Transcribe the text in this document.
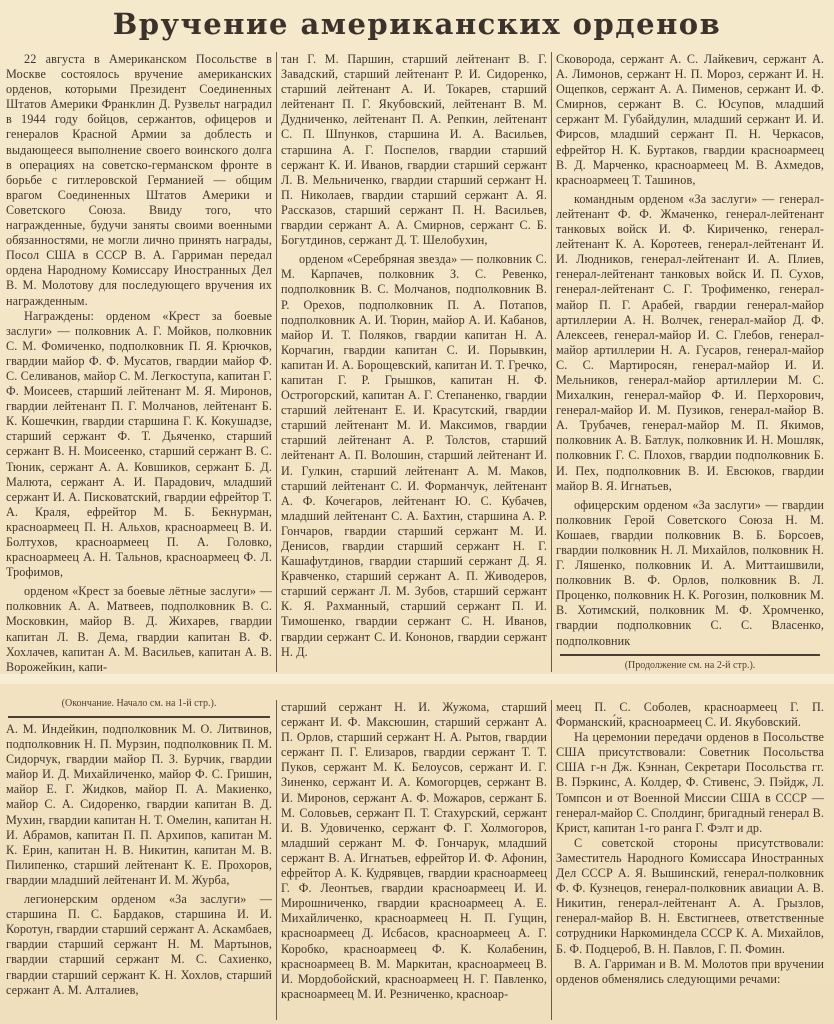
Вручение американских орденов

22 августа в Американском Посольстве в Москве состоялось вручение американских орденов, которыми Президент Соединенных Штатов Америки Франклин Д. Рузвельт наградил в 1944 году бойцов, сержантов, офицеров и генералов Красной Армии за доблесть и выдающееся выполнение своего воинского долга в операциях на советско-германском фронте в борьбе с гитлеровской Германией — общим врагом Соединенных Штатов Америки и Советского Союза. Ввиду того, что награжденные, будучи заняты своими военными обязанностями, не могли лично принять награды, Посол США в СССР В. А. Гарриман передал ордена Народному Комиссару Иностранных Дел В. М. Молотову для последующего вручения их награжденным.

Награждены: орденом «Крест за боевые заслуги» — полковник А. Г. Мойков, полковник С. М. Фомиченко, подполковник П. Я. Крючков, гвардии майор Ф. Ф. Мусатов, гвардии майор Ф. С. Селиванов, майор С. М. Легкоступа, капитан Г. Ф. Моисеев, старший лейтенант М. Я. Миронов, гвардии лейтенант П. Г. Молчанов, лейтенант Б. К. Кошечкин, гвардии старшина Г. К. Кокушадзе, старший сержант Ф. Т. Дьяченко, старший сержант В. Н. Моисеенко, старший сержант В. С. Тюник, сержант А. А. Ковшиков, сержант Б. Д. Малюта, сержант А. И. Парадович, младший сержант И. А. Писковатский, гвардии ефрейтор Т. А. Краля, ефрейтор М. Б. Бекнурман, красноармеец П. Н. Альхов, красноармеец В. И. Болтухов, красноармеец П. А. Головко, красноармеец А. Н. Тальнов, красноармеец Ф. Л. Трофимов,

орденом «Крест за боевые лётные заслуги» — полковник А. А. Матвеев, подполковник В. С. Московкин, майор В. Д. Жихарев, гвардии капитан Л. В. Дема, гвардии капитан В. Ф. Хохлачев, капитан А. М. Васильев, капитан А. В. Ворожейкин, капи-

тан Г. М. Паршин, старший лейтенант В. Г. Завадский, старший лейтенант Р. И. Сидоренко, старший лейтенант А. И. Токарев, старший лейтенант П. Г. Якубовский, лейтенант В. М. Дудниченко, лейтенант П. А. Репкин, лейтенант С. П. Шпунков, старшина И. А. Васильев, старшина А. Г. Поспелов, гвардии старший сержант К. И. Иванов, гвардии старший сержант Л. В. Мельниченко, гвардии старший сержант Н. П. Николаев, гвардии старший сержант А. Я. Рассказов, старший сержант П. Н. Васильев, гвардии сержант А. А. Смирнов, сержант С. Б. Богутдинов, сержант Д. Т. Шелобухин,

орденом «Серебряная звезда» — полковник С. М. Карпачев, полковник З. С. Ревенко, подполковник В. С. Молчанов, подполковник В. Р. Орехов, подполковник П. А. Потапов, подполковник А. И. Тюрин, майор А. И. Кабанов, майор И. Т. Поляков, гвардии капитан Н. А. Корчагин, гвардии капитан С. И. Порывкин, капитан И. А. Борощевский, капитан И. Т. Гречко, капитан Г. Р. Грышков, капитан Н. Ф. Острогорский, капитан А. Г. Степаненко, гвардии старший лейтенант Е. И. Красутский, гвардии старший лейтенант М. И. Максимов, гвардии старший лейтенант А. Р. Толстов, старший лейтенант А. П. Волошин, старший лейтенант И. И. Гулкин, старший лейтенант А. М. Маков, старший лейтенант С. И. Форманчук, лейтенант А. Ф. Кочегаров, лейтенант Ю. С. Кубачев, младший лейтенант С. А. Бахтин, старшина А. Р. Гончаров, гвардии старший сержант М. И. Денисов, гвардии старший сержант Н. Г. Кашафутдинов, гвардии старший сержант Д. Я. Кравченко, старший сержант А. П. Живодеров, старший сержант Л. М. Зубов, старший сержант К. Я. Рахманный, старший сержант П. И. Тимошенко, гвардии сержант С. Н. Иванов, гвардии сержант С. И. Кононов, гвардии сержант Н. Д.

Сковорода, сержант А. С. Лайкевич, сержант А. А. Лимонов, сержант Н. П. Мороз, сержант И. Н. Ощепков, сержант А. А. Пименов, сержант И. Ф. Смирнов, сержант В. С. Юсупов, младший сержант М. Губайдулин, младший сержант И. И. Фирсов, младший сержант П. Н. Черкасов, ефрейтор Н. К. Буртаков, гвардии красноармеец В. Д. Марченко, красноармеец М. В. Ахмедов, красноармеец Т. Ташинов,

командным орденом «За заслуги» — генерал-лейтенант Ф. Ф. Жмаченко, генерал-лейтенант танковых войск И. Ф. Кириченко, генерал-лейтенант К. А. Коротеев, генерал-лейтенант И. И. Людников, генерал-лейтенант И. А. Плиев, генерал-лейтенант танковых войск И. П. Сухов, генерал-лейтенант С. Г. Трофименко, генерал-майор П. Г. Арабей, гвардии генерал-майор артиллерии А. Н. Волчек, генерал-майор Д. Ф. Алексеев, генерал-майор И. С. Глебов, генерал-майор артиллерии Н. А. Гусаров, генерал-майор С. С. Мартиросян, генерал-майор И. И. Мельников, генерал-майор артиллерии М. С. Михалкин, генерал-майор Ф. И. Перхорович, генерал-майор И. М. Пузиков, генерал-майор В. А. Трубачев, генерал-майор М. П. Якимов, полковник А. В. Батлук, полковник И. Н. Мошляк, полковник Г. С. Плохов, гвардии подполковник Б. И. Пех, подполковник В. И. Евсюков, гвардии майор В. Я. Игнатьев,

офицерским орденом «За заслуги» — гвардии полковник Герой Советского Союза Н. М. Кошаев, гвардии полковник В. Б. Борсоев, гвардии полковник Н. Л. Михайлов, полковник Н. Г. Ляшенко, полковник И. А. Миттаишвили, полковник В. Ф. Орлов, полковник В. Л. Проценко, полковник Н. К. Рогозин, полковник М. В. Хотимский, полковник М. Ф. Хромченко, гвардии подполковник С. С. Власенко, подполковник

(Продолжение см. на 2-й стр.).
(Окончание. Начало см. на 1-й стр.).

А. М. Индейкин, подполковник М. О. Литвинов, подполковник Н. П. Мурзин, подполковник П. М. Сидорчук, гвардии майор П. З. Бурчик, гвардии майор И. Д. Михайличенко, майор Ф. С. Гришин, майор Е. Г. Жидков, майор П. А. Макиенко, майор С. А. Сидоренко, гвардии капитан В. Д. Мухин, гвардии капитан Н. Т. Омелин, капитан Н. И. Абрамов, капитан П. П. Архипов, капитан М. К. Ерин, капитан Н. В. Никитин, капитан М. В. Пилипенко, старший лейтенант К. Е. Прохоров, гвардии младший лейтенант И. М. Журба,

легионерским орденом «За заслуги» — старшина П. С. Бардаков, старшина И. И. Коротун, гвардии старший сержант А. Аскамбаев, гвардии старший сержант Н. М. Мартынов, гвардии старший сержант М. С. Сахиенко, гвардии старший сержант К. Н. Хохлов, старший сержант А. М. Алталиев,

старший сержант Н. И. Жужома, старший сержант И. Ф. Максюшин, старший сержант А. П. Орлов, старший сержант Н. А. Рытов, гвардии сержант П. Г. Елизаров, гвардии сержант Т. Т. Пуков, сержант М. К. Белоусов, сержант И. Г. Зиненко, сержант И. А. Комогорцев, сержант В. И. Миронов, сержант А. Ф. Можаров, сержант Б. М. Соловьев, сержант П. Т. Стахурский, сержант И. В. Удовиченко, сержант Ф. Г. Холмогоров, младший сержант М. Ф. Гончарук, младший сержант В. А. Игнатьев, ефрейтор И. Ф. Афонин, ефрейтор А. К. Кудрявцев, гвардии красноармеец Г. Ф. Леонтьев, гвардии красноармеец И. И. Мирошниченко, гвардии красноармеец А. Е. Михайличенко, красноармеец Н. П. Гущин, красноармеец Д. Исбасов, красноармеец А. Г. Коробко, красноармеец Ф. К. Колабенин, красноармеец В. М. Маркитан, красноармеец В. И. Мордобойский, красноармеец Н. Г. Павленко, красноармеец М. И. Резниченко, красноар-

меец П. С. Соболев, красноармеец Г. П. Формански́й, красноармеец С. И. Якубовский.

На церемонии передачи орденов в Посольстве США присутствовали: Советник Посольства США г-н Дж. Кэннан, Секретари Посольства гг. В. Пэркинс, А. Колдер, Ф. Стивенс, Э. Пэйдж, Л. Томпсон и от Военной Миссии США в СССР — генерал-майор С. Сполдинг, бригадный генерал В. Крист, капитан 1-го ранга Г. Фэлт и др.

С советской стороны присутствовали: Заместитель Народного Комиссара Иностранных Дел СССР А. Я. Вышинский, генерал-полковник Ф. Ф. Кузнецов, генерал-полковник авиации А. В. Никитин, генерал-лейтенант А. А. Грызлов, генерал-майор В. Н. Евстигнеев, ответственные сотрудники Наркоминдела СССР К. А. Михайлов, Б. Ф. Подцероб, В. Н. Павлов, Г. П. Фомин.

В. А. Гарриман и В. М. Молотов при вручении орденов обменялись следующими речами:
